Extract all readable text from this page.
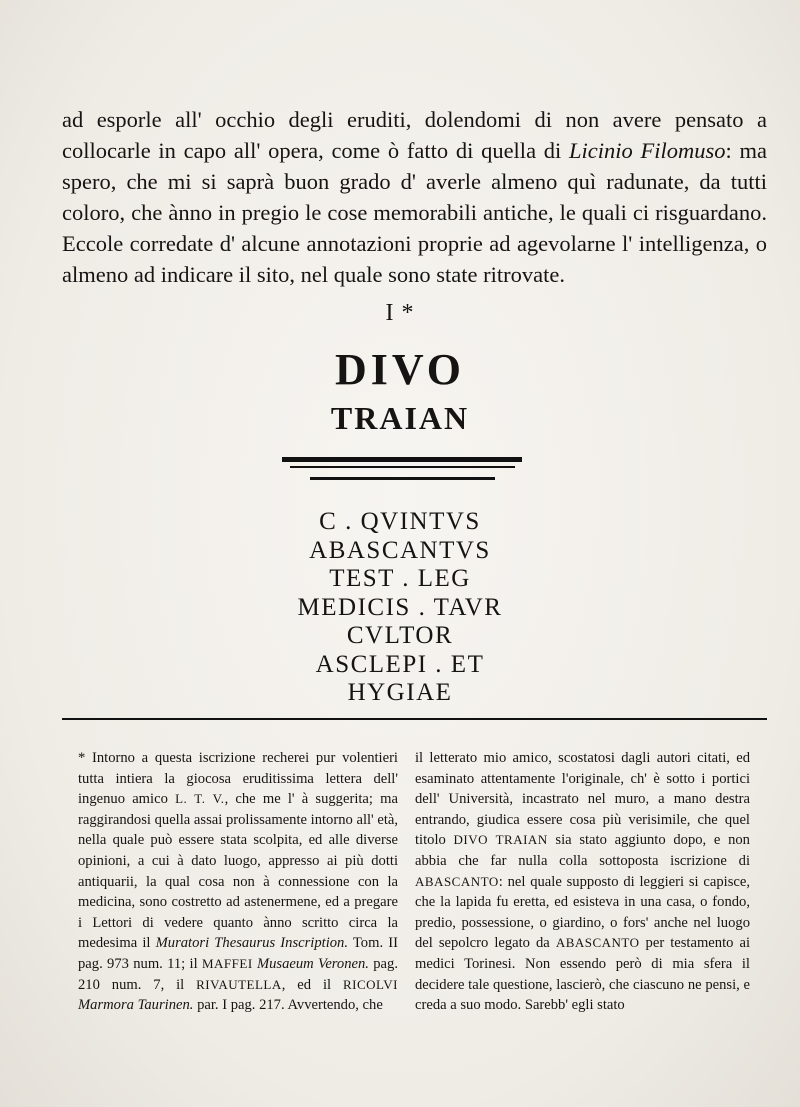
ad esporle all' occhio degli eruditi, dolendomi di non avere pensato a collocarle in capo all' opera, come ò fatto di quella di Licinio Filomuso: ma spero, che mi si saprà buon grado d' averle almeno quì radunate, da tutti coloro, che ànno in pregio le cose memorabili antiche, le quali ci risguardano. Eccole corredate d' alcune annotazioni proprie ad agevolarne l' intelligenza, o almeno ad indicare il sito, nel quale sono state ritrovate.

I *
DIVO
TRAIAN
C . QVINTVS
ABASCANTVS
TEST . LEG
MEDICIS . TAVR
CVLTOR
ASCLEPI . ET
HYGIAE

* Intorno a questa iscrizione recherei pur volentieri tutta intiera la giocosa eruditissima lettera dell' ingenuo amico L. T. V., che me l' à suggerita; ma raggirandosi quella assai prolissamente intorno all' età, nella quale può essere stata scolpita, ed alle diverse opinioni, a cui à dato luogo, appresso ai più dotti antiquarii, la qual cosa non à connessione con la medicina, sono costretto ad astenermene, ed a pregare i Lettori di vedere quanto ànno scritto circa la medesima il Muratori Thesaurus Inscription. Tom. II pag. 973 num. 11; il MAFFEI Musaeum Veronen. pag. 210 num. 7, il RIVAUTELLA, ed il RICOLVI Marmora Taurinen. par. I pag. 217. Avvertendo, che

il letterato mio amico, scostatosi dagli autori citati, ed esaminato attentamente l'originale, ch' è sotto i portici dell' Università, incastrato nel muro, a mano destra entrando, giudica essere cosa più verisimile, che quel titolo DIVO TRAIAN sia stato aggiunto dopo, e non abbia che far nulla colla sottoposta iscrizione di ABASCANTO: nel quale supposto di leggieri si capisce, che la lapida fu eretta, ed esisteva in una casa, o fondo, predio, possessione, o giardino, o fors' anche nel luogo del sepolcro legato da ABASCANTO per testamento ai medici Torinesi. Non essendo però di mia sfera il decidere tale questione, lascierò, che ciascuno ne pensi, e creda a suo modo. Sarebb' egli stato
